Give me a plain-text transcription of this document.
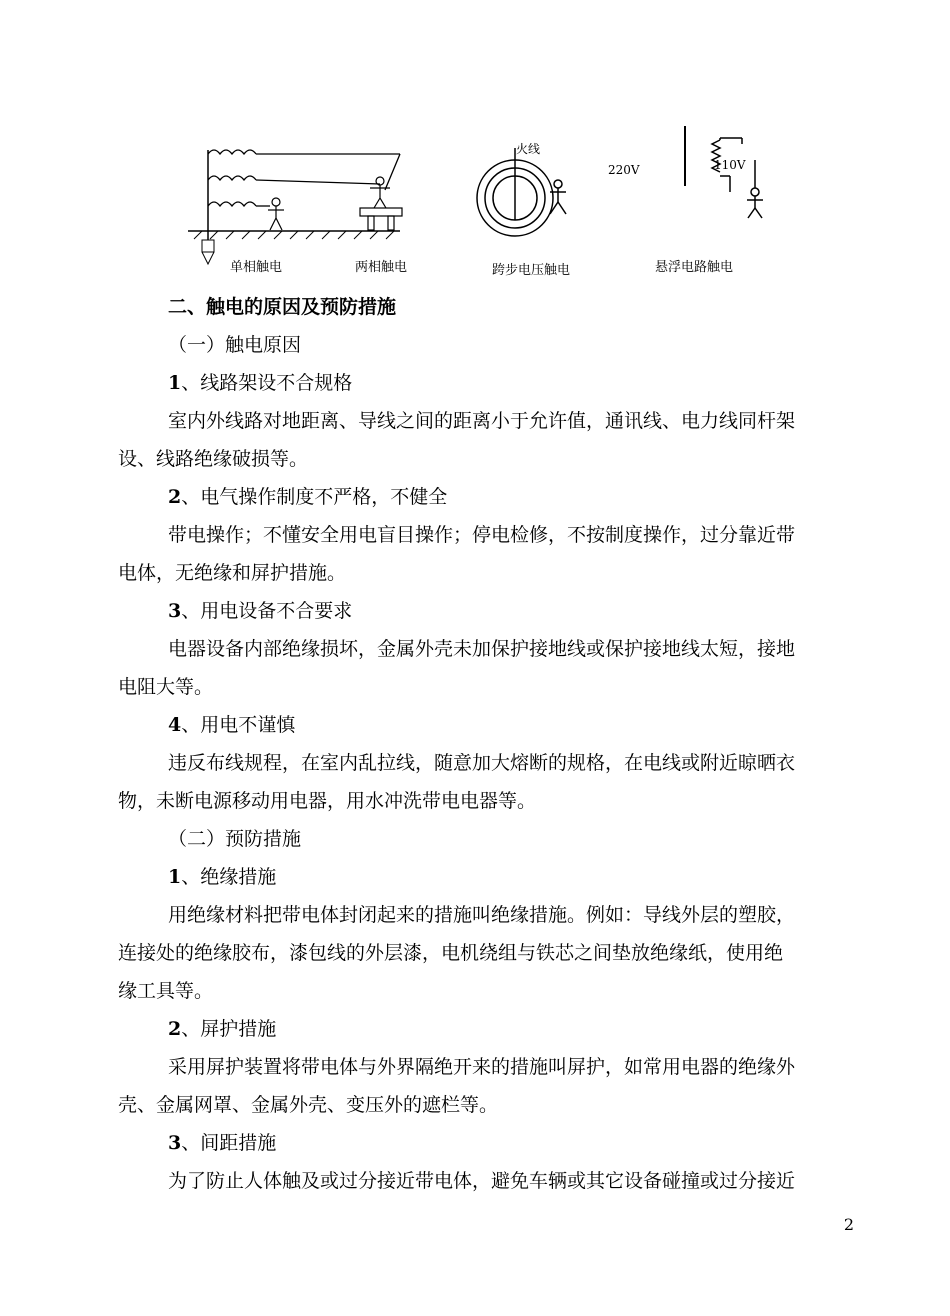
火线
220V	110V
单相触电	两相触电	跨步电压触电	悬浮电路触电
二、触电的原因及预防措施
（一）触电原因
1、线路架设不合规格
室内外线路对地距离、导线之间的距离小于允许值，通讯线、电力线同杆架
设、线路绝缘破损等。
2、电气操作制度不严格，不健全
带电操作；不懂安全用电盲目操作；停电检修，不按制度操作，过分靠近带
电体，无绝缘和屏护措施。
3、用电设备不合要求
电器设备内部绝缘损坏，金属外壳未加保护接地线或保护接地线太短，接地
电阻大等。
4、用电不谨慎
违反布线规程，在室内乱拉线，随意加大熔断的规格，在电线或附近晾晒衣
物，未断电源移动用电器，用水冲洗带电电器等。
（二）预防措施
1、绝缘措施
用绝缘材料把带电体封闭起来的措施叫绝缘措施。例如：导线外层的塑胶，
连接处的绝缘胶布，漆包线的外层漆，电机绕组与铁芯之间垫放绝缘纸，使用绝
缘工具等。
2、屏护措施
采用屏护装置将带电体与外界隔绝开来的措施叫屏护，如常用电器的绝缘外
壳、金属网罩、金属外壳、变压外的遮栏等。
3、间距措施
为了防止人体触及或过分接近带电体，避免车辆或其它设备碰撞或过分接近
2
